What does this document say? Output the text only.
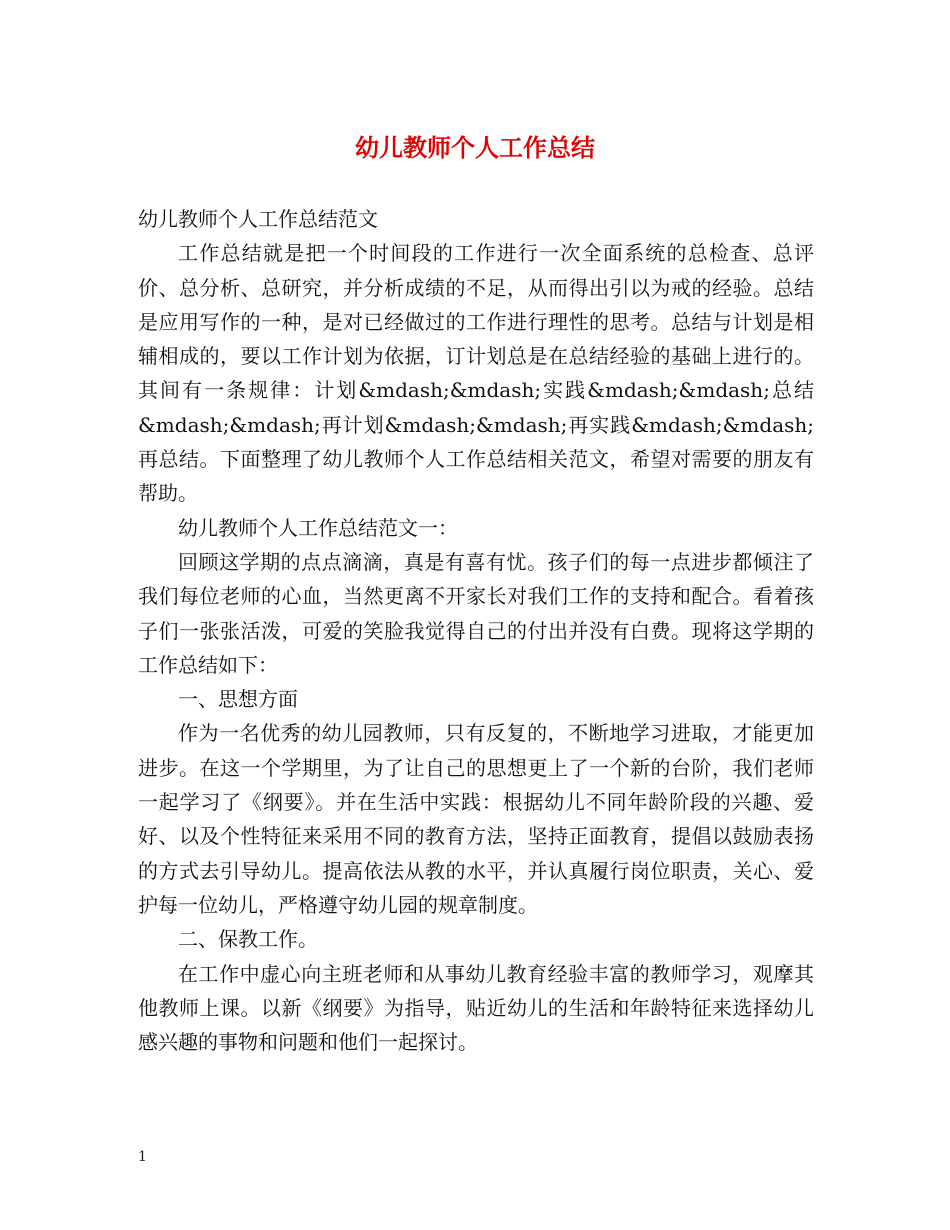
幼儿教师个人工作总结

幼儿教师个人工作总结范文

工作总结就是把一个时间段的工作进行一次全面系统的总检查、总评价、总分析、总研究，并分析成绩的不足，从而得出引以为戒的经验。总结是应用写作的一种，是对已经做过的工作进行理性的思考。总结与计划是相辅相成的，要以工作计划为依据，订计划总是在总结经验的基础上进行的。其间有一条规律：计划&mdash;&mdash;实践&mdash;&mdash;总结&mdash;&mdash;再计划&mdash;&mdash;再实践&mdash;&mdash;再总结。下面整理了幼儿教师个人工作总结相关范文，希望对需要的朋友有帮助。

幼儿教师个人工作总结范文一：

回顾这学期的点点滴滴，真是有喜有忧。孩子们的每一点进步都倾注了我们每位老师的心血，当然更离不开家长对我们工作的支持和配合。看着孩子们一张张活泼，可爱的笑脸我觉得自己的付出并没有白费。现将这学期的工作总结如下：

一、思想方面

作为一名优秀的幼儿园教师，只有反复的，不断地学习进取，才能更加进步。在这一个学期里，为了让自己的思想更上了一个新的台阶，我们老师一起学习了《纲要》。并在生活中实践：根据幼儿不同年龄阶段的兴趣、爱好、以及个性特征来采用不同的教育方法，坚持正面教育，提倡以鼓励表扬的方式去引导幼儿。提高依法从教的水平，并认真履行岗位职责，关心、爱护每一位幼儿，严格遵守幼儿园的规章制度。

二、保教工作。

在工作中虚心向主班老师和从事幼儿教育经验丰富的教师学习，观摩其他教师上课。以新《纲要》为指导，贴近幼儿的生活和年龄特征来选择幼儿感兴趣的事物和问题和他们一起探讨。

1
